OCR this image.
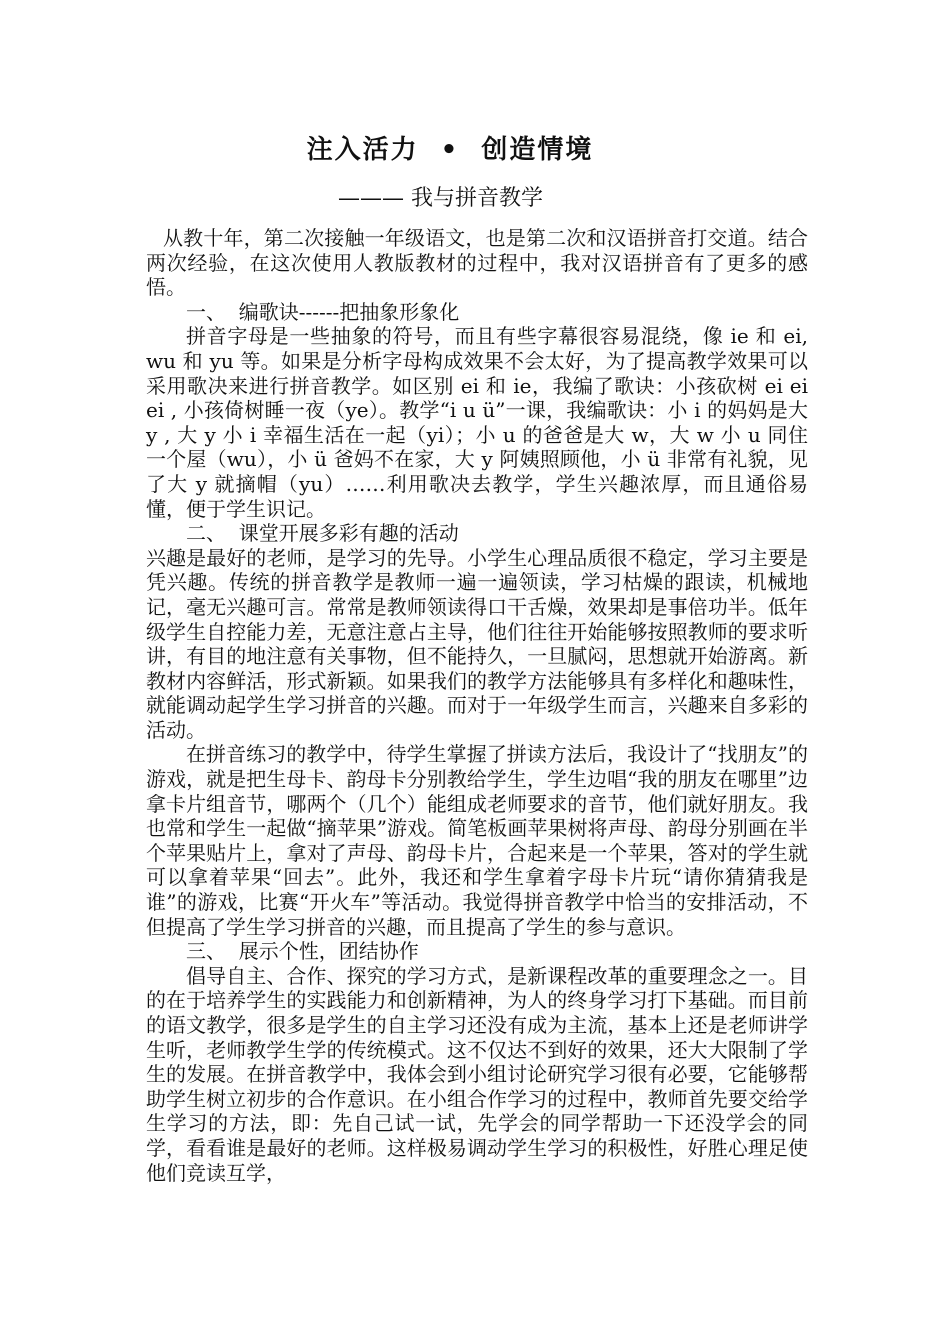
注入活力  •  创造情境
——— 我与拼音教学

从教十年，第二次接触一年级语文，也是第二次和汉语拼音打交道。结合两次经验，在这次使用人教版教材的过程中，我对汉语拼音有了更多的感悟。

一、  编歌诀------把抽象形象化

拼音字母是一些抽象的符号，而且有些字幕很容易混绕，像 ie 和 ei, wu 和 yu 等。如果是分析字母构成效果不会太好，为了提高教学效果可以采用歌决来进行拼音教学。如区别 ei 和 ie，我编了歌诀：小孩砍树 ei ei ei , 小孩倚树睡一夜（ye）。教学“i u ü”一课，我编歌诀：小 i 的妈妈是大 y , 大 y 小 i 幸福生活在一起（yi）；小 u 的爸爸是大 w，大 w 小 u 同住一个屋（wu），小 ü 爸妈不在家，大 y 阿姨照顾他，小 ü 非常有礼貌，见了大 y 就摘帽（yu）……利用歌决去教学，学生兴趣浓厚，而且通俗易懂，便于学生识记。

二、  课堂开展多彩有趣的活动

兴趣是最好的老师，是学习的先导。小学生心理品质很不稳定，学习主要是凭兴趣。传统的拼音教学是教师一遍一遍领读，学习枯燥的跟读，机械地记，毫无兴趣可言。常常是教师领读得口干舌燥，效果却是事倍功半。低年级学生自控能力差，无意注意占主导，他们往往开始能够按照教师的要求听讲，有目的地注意有关事物，但不能持久，一旦腻闷，思想就开始游离。新教材内容鲜活，形式新颖。如果我们的教学方法能够具有多样化和趣味性，就能调动起学生学习拼音的兴趣。而对于一年级学生而言，兴趣来自多彩的活动。

在拼音练习的教学中，待学生掌握了拼读方法后，我设计了“找朋友”的游戏，就是把生母卡、韵母卡分别教给学生，学生边唱“我的朋友在哪里”边拿卡片组音节，哪两个（几个）能组成老师要求的音节，他们就好朋友。我也常和学生一起做“摘苹果”游戏。简笔板画苹果树将声母、韵母分别画在半个苹果贴片上，拿对了声母、韵母卡片，合起来是一个苹果，答对的学生就可以拿着苹果“回去”。此外，我还和学生拿着字母卡片玩“请你猜猜我是谁”的游戏，比赛“开火车”等活动。我觉得拼音教学中恰当的安排活动，不但提高了学生学习拼音的兴趣，而且提高了学生的参与意识。

三、  展示个性，团结协作

倡导自主、合作、探究的学习方式，是新课程改革的重要理念之一。目的在于培养学生的实践能力和创新精神，为人的终身学习打下基础。而目前的语文教学，很多是学生的自主学习还没有成为主流，基本上还是老师讲学生听，老师教学生学的传统模式。这不仅达不到好的效果，还大大限制了学生的发展。在拼音教学中，我体会到小组讨论研究学习很有必要，它能够帮助学生树立初步的合作意识。在小组合作学习的过程中，教师首先要交给学生学习的方法，即：先自己试一试，先学会的同学帮助一下还没学会的同学，看看谁是最好的老师。这样极易调动学生学习的积极性，好胜心理足使他们竞读互学，
